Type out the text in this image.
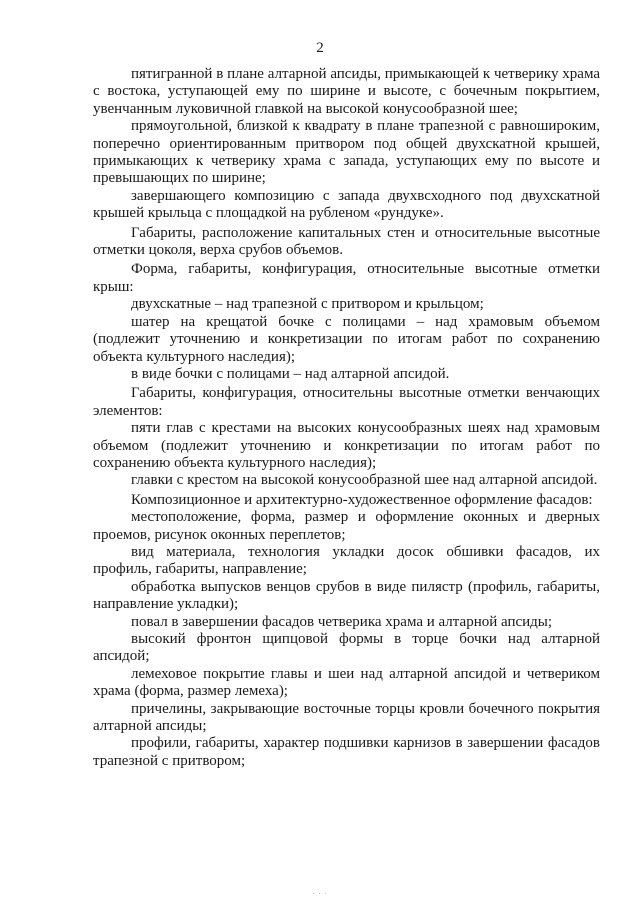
2

пятигранной в плане алтарной апсиды, примыкающей к четверику храма с востока, уступающей ему по ширине и высоте, с бочечным покрытием, увенчанным луковичной главкой на высокой конусообразной шее;

прямоугольной, близкой к квадрату в плане трапезной с равношироким, поперечно ориентированным притвором под общей двухскатной крышей, примыкающих к четверику храма с запада, уступающих ему по высоте и превышающих по ширине;

завершающего композицию с запада двухвсходного под двухскатной крышей крыльца с площадкой на рубленом «рундуке».

Габариты, расположение капитальных стен и относительные высотные отметки цоколя, верха срубов объемов.

Форма, габариты, конфигурация, относительные высотные отметки крыш:

двухскатные – над трапезной с притвором и крыльцом;

шатер на крещатой бочке с полицами – над храмовым объемом (подлежит уточнению и конкретизации по итогам работ по сохранению объекта культурного наследия);

в виде бочки с полицами – над алтарной апсидой.

Габариты, конфигурация, относительны высотные отметки венчающих элементов:

пяти глав с крестами на высоких конусообразных шеях над храмовым объемом (подлежит уточнению и конкретизации по итогам работ по сохранению объекта культурного наследия);

главки с крестом на высокой конусообразной шее над алтарной апсидой.

Композиционное и архитектурно-художественное оформление фасадов:

местоположение, форма, размер и оформление оконных и дверных проемов, рисунок оконных переплетов;

вид материала, технология укладки досок обшивки фасадов, их профиль, габариты, направление;

обработка выпусков венцов срубов в виде пилястр (профиль, габариты, направление укладки);

повал в завершении фасадов четверика храма и алтарной апсиды;

высокий фронтон щипцовой формы в торце бочки над алтарной апсидой;

лемеховое покрытие главы и шеи над алтарной апсидой и четвериком храма (форма, размер лемеха);

причелины, закрывающие восточные торцы кровли бочечного покрытия алтарной апсиды;

профили, габариты, характер подшивки карнизов в завершении фасадов трапезной с притвором;

· · ·
